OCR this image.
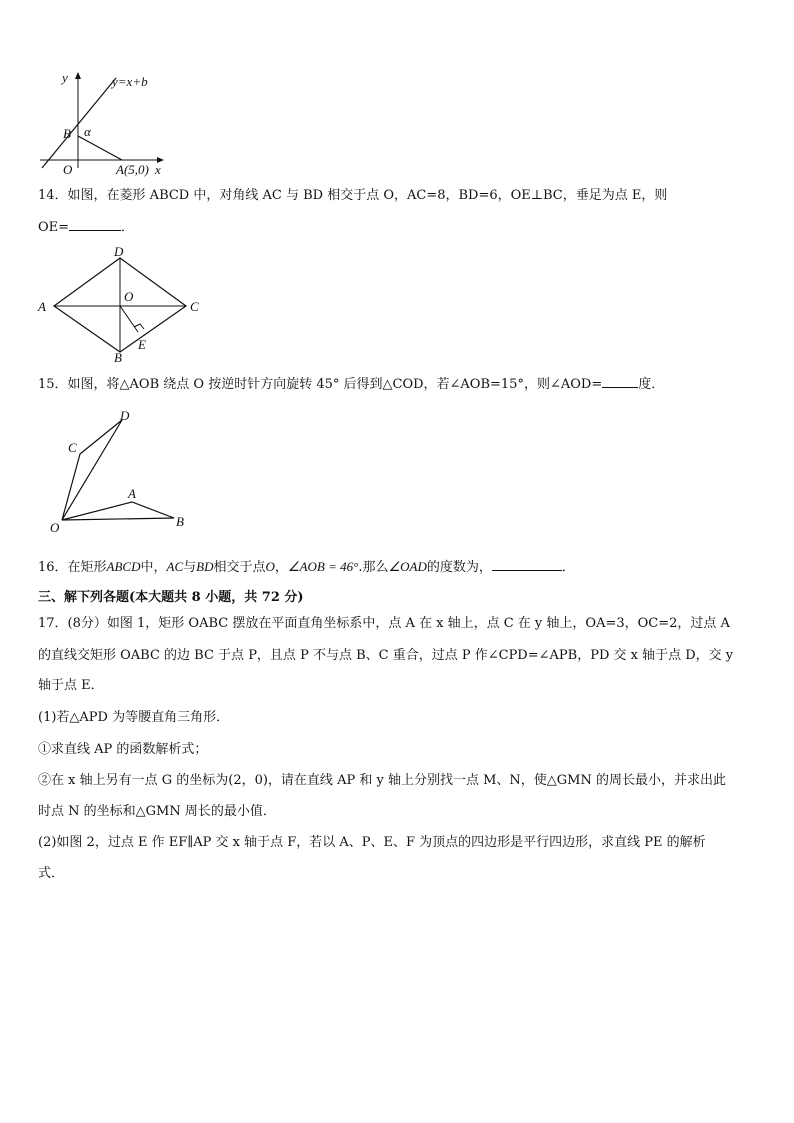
y	y=x+b
B α
O	A(5,0) x
14．如图，在菱形 ABCD 中，对角线 AC 与 BD 相交于点 O，AC=8，BD=6，OE⊥BC，垂足为点 E，则
OE=	．
D
A
O
C
E
B
15．如图，将△AOB 绕点 O 按逆时针方向旋转 45° 后得到△COD，若∠AOB=15°，则∠AOD=	度．
D
C
A
O	B
16．在矩形ABCD中，AC与BD相交于点O，∠AOB = 46°.那么∠OAD的度数为，	．
三、解下列各题(本大题共 8 小题，共 72 分)
17．(8分）如图 1，矩形 OABC 摆放在平面直角坐标系中，点 A 在 x 轴上，点 C 在 y 轴上，OA=3，OC=2，过点 A
的直线交矩形 OABC 的边 BC 于点 P，且点 P 不与点 B、C 重合，过点 P 作∠CPD=∠APB，PD 交 x 轴于点 D，交 y
轴于点 E．
(1)若△APD 为等腰直角三角形．
①求直线 AP 的函数解析式；
②在 x 轴上另有一点 G 的坐标为(2，0)，请在直线 AP 和 y 轴上分别找一点 M、N，使△GMN 的周长最小，并求出此
时点 N 的坐标和△GMN 周长的最小值．
(2)如图 2，过点 E 作 EF∥AP 交 x 轴于点 F，若以 A、P、E、F 为顶点的四边形是平行四边形，求直线 PE 的解析
式．
